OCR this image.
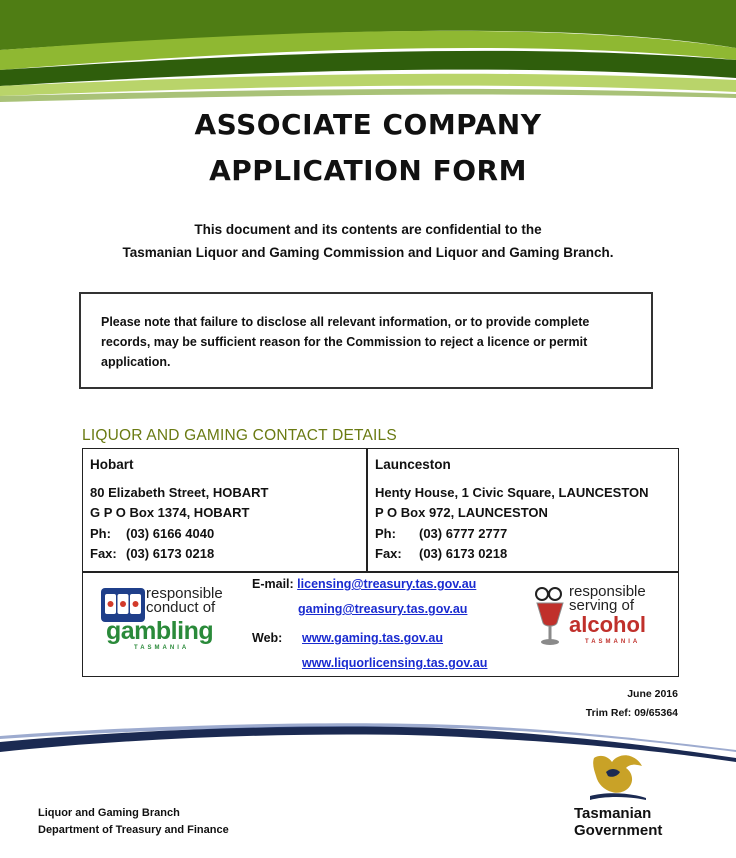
ASSOCIATE COMPANY
APPLICATION FORM
This document and its contents are confidential to the
Tasmanian Liquor and Gaming Commission and Liquor and Gaming Branch.
Please note that failure to disclose all relevant information, or to provide complete records, may be sufficient reason for the Commission to reject a licence or permit application.
LIQUOR AND GAMING CONTACT DETAILS
Hobart
80 Elizabeth Street, HOBART
G P O Box 1374, HOBART
Ph: (03) 6166 4040
Fax: (03) 6173 0218
Launceston
Henty House, 1 Civic Square, LAUNCESTON
P O Box 972, LAUNCESTON
Ph: (03) 6777 2777
Fax: (03) 6173 0218
responsible
conduct of
gambling
TASMANIA
E-mail: licensing@treasury.tas.gov.au
gaming@treasury.tas.gov.au
Web: www.gaming.tas.gov.au
www.liquorlicensing.tas.gov.au
responsible
serving of
alcohol
TASMANIA
June 2016
Trim Ref: 09/65364
Liquor and Gaming Branch
Department of Treasury and Finance
Tasmanian
Government
